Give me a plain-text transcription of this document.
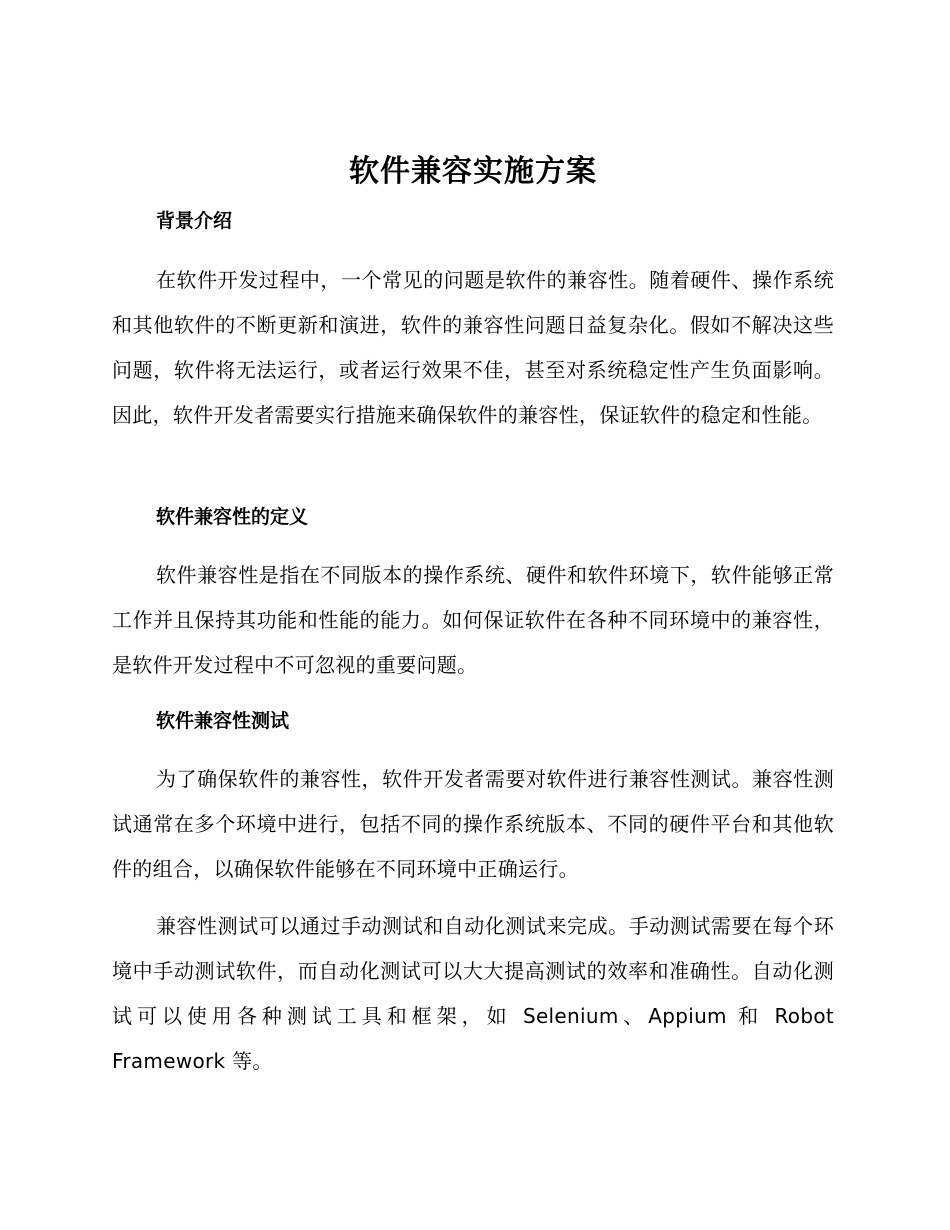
软件兼容实施方案
背景介绍

在软件开发过程中，一个常见的问题是软件的兼容性。随着硬件、操作系统和其他软件的不断更新和演进，软件的兼容性问题日益复杂化。假如不解决这些问题，软件将无法运行，或者运行效果不佳，甚至对系统稳定性产生负面影响。因此，软件开发者需要实行措施来确保软件的兼容性，保证软件的稳定和性能。

软件兼容性的定义

软件兼容性是指在不同版本的操作系统、硬件和软件环境下，软件能够正常工作并且保持其功能和性能的能力。如何保证软件在各种不同环境中的兼容性，是软件开发过程中不可忽视的重要问题。

软件兼容性测试

为了确保软件的兼容性，软件开发者需要对软件进行兼容性测试。兼容性测试通常在多个环境中进行，包括不同的操作系统版本、不同的硬件平台和其他软件的组合，以确保软件能够在不同环境中正确运行。

兼容性测试可以通过手动测试和自动化测试来完成。手动测试需要在每个环境中手动测试软件，而自动化测试可以大大提高测试的效率和准确性。自动化测试可以使用各种测试工具和框架，如 Selenium、Appium 和 Robot Framework 等。
